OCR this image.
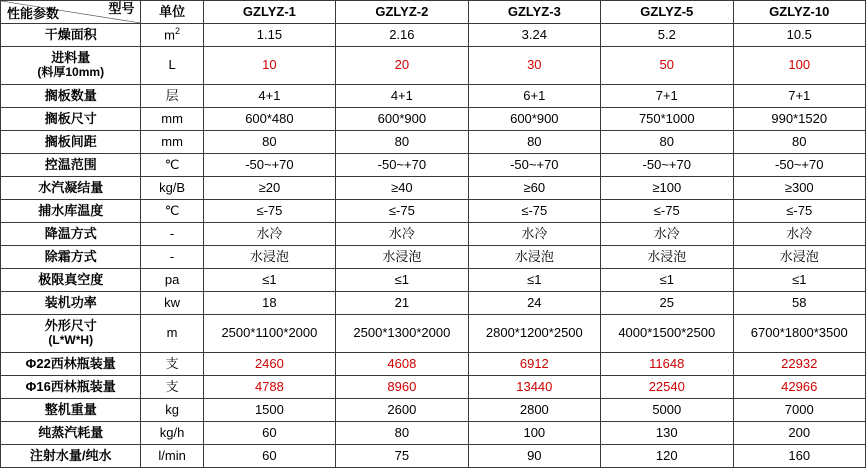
型号
性能参数	单位	GZLYZ-1	GZLYZ-2	GZLYZ-3	GZLYZ-5	GZLYZ-10
干燥面积	$m^2$	1.15	2.16	3.24	5.2	10.5
进料量
(料厚10mm)	L	10	20	30	50	100
搁板数量	层	4+1	4+1	6+1	7+1	7+1
搁板尺寸	mm	600*480	600*900	600*900	750*1000	990*1520
搁板间距	mm	80	80	80	80	80
控温范围	℃	-50~+70	-50~+70	-50~+70	-50~+70	-50~+70
水汽凝结量	kg/B	≥20	≥40	≥60	≥100	≥300
捕水库温度	℃	≤-75	≤-75	≤-75	≤-75	≤-75
降温方式	-	水冷	水冷	水冷	水冷	水冷
除霜方式	-	水浸泡	水浸泡	水浸泡	水浸泡	水浸泡
极限真空度	pa	≤1	≤1	≤1	≤1	≤1
装机功率	kw	18	21	24	25	58
外形尺寸
(L*W*H)	m	2500*1100*2000	2500*1300*2000	2800*1200*2500	4000*1500*2500	6700*1800*3500
Φ22西林瓶装量	支	2460	4608	6912	11648	22932
Φ16西林瓶装量	支	4788	8960	13440	22540	42966
整机重量	kg	1500	2600	2800	5000	7000
纯蒸汽耗量	kg/h	60	80	100	130	200
注射水量/纯水	l/min	60	75	90	120	160
